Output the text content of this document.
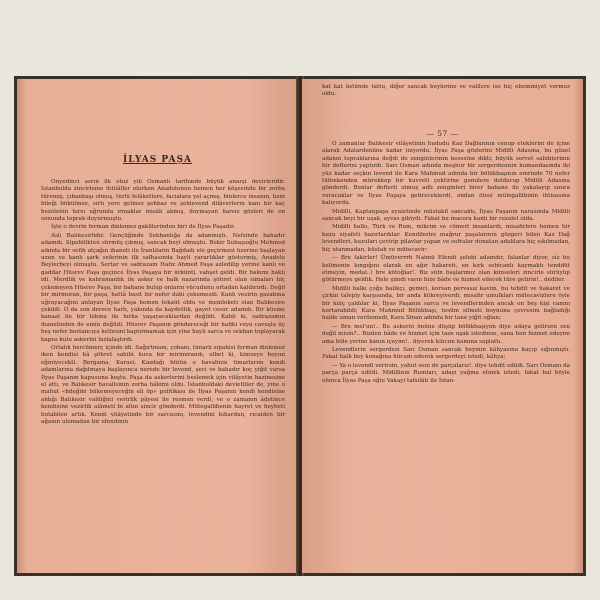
İLYAS PAŞA

Onyedinci asrın ilk otuz yılı Osmanlı tarihinde büyük anarşi devirleridir. İstanbulda zincirleme ihtilâller olurken Anadolunun hemen her köşesinde bir zorba türemiş, çıbanbaşı olmuş, türlü felâketlere, facialara yol açmış, binlerce insanın, hem bileği bükülmez, sırtı yere gelmez şehbaz ve şehlevend dilâverlerin kanı bir kaç hezelenin hırsı uğrunda ırmaklar misâli akmış, doymayan harsız gözleri de en sonunda toprak doyurmuştu.

İşte o devrin ferman dinlemez gaklilerinden biri de İlyas Paşadır.

Aslı Balıkesirlidir. Gençliğinde Sekbanlığa da adanmıştı. Nefsinde bahadır adamdı. Sipahilikten sürmüş çıkmış, sancak beyi olmuştu. Bekir Subaşıoğlu Mehmed adında bir sefih alçağın ihaneti ile İranlılarin Bağdadı ele geçirmesi üzerine başlayan uzun ve kanlı şark seferinin ilk safhasında hayli yararlıklar göstermiş, Anadolu Beylerbeyi olmuştu. Sertar ve sadrazam Hafız Ahmed Paşa azledilip yerine kanlı ve gaddar Hüsrev Paşa geçince İlyas Paşaya bir ürkünti, vahşet geldi. Bir hakımı haklı idi. Merdlik ve kahramanlık ile asker ve halk nazarında şöhret olan simaları hiç çekemeyen Hüsrev Paşa, bir bahane bulup onların vücudunu ortadan kaldırırdı. Değil bir mirimiran, bir paşa, hattâ basit bir nefer dahi çekemezdi. Kanlı vezirin gazabına uğrayacağını anlayan İlyas Paşa hemen tekaüt oldu ve memleketi olan Balıkesire çekildi. O da son derece harlı, yakında da kaydettik, gayet cesur adamdı. Bir küsme kanaat ile bir lokma ile hırka yaşayacaklardan değildi. Kahb ki, sadrazamın ihanetinden de emin değildi. Hüsrev Paşanın göndereceği bir hafiki veya cavuşla üç beş nefer bostancıya kellesini kaptırmamak için yine hayli sarca ve sekban toplayarak kapısı kulu askerini fazlalaştırdı.

Ortalık hercümerç içinde idi. Sağırtmanı, çobanı, timarlı sipahisi ferman dinlemez iken kendisi kâ şöhret sahibi kuva bir mirimirandı, elbet ki, kimseye boyun eğmiyecekti. Bergama, Karasi, Kazdağı bütün o havalinin timarlarını kendi adamlarına dağıtmaya başlayınca nerede bir levend, şeci ve bahadır koç yiğit varsa İlyas Paşanın kapusuna koştu. Paşa da askerlerini beslemek için vilâyetin hazinesine el attı, ve Balıkesir havalisinin zorba hâkimi oldu. İstanbuldaki devletliler de, yine o mahut «bileğini bükemeyeceğin eli öp» politikası ile İlyas Paşanın kendi kendisine aldığı Balıkesir valiliğini verirlik pâyesi ile resmen verdi, ve o zamanın âdetince kendisine vezirlik alâmeti bi altın sincir gönderdi. Mütegallibenin hayret ve heybeti bulabilen artık. Kendi vilâyetinde bir sarcasını, levendini kıbardan, rıcalden bir ağanın ulemadan bir efendinin

kat kat üstünde tattu, diğer sancak beylerine ve valilere ise hiç ehemmiyet vermez oldu.

— 57 —

O zamanlar Balıkesir vilâyetinin hududu Kaz Dağlarının cenup eteklerini de içine alarak Adalardeniine kadar iniyordu. İlyas Paşa gözlerini Midilli Adasına, bu güzel adanın topraklarına değdi de zenginlerinin kesesine dikti; büyük servet sahiblerinin bir defterini yaptırdı. Sarı Osman adında meşhur bir sergerdesinin kumandasında iki yüz kadar seçkin levend ile Kara Mahmud adında bir bölükbaşının emrinde 70 nefer tüfenkenden mürekkep bir kuvveti çektirine gemilere doldurup Midilli Adasına gönderdi. Bunlar defterli olmuş adlı zenginleri birer bahane ile yakalayıp sınıra vuracaklar ve İlyas Paşaya getireceklerdi, ondan ötesi mülegallibinin ihtisasına kalıyordu.

Midilli, Kaptanpaşa eyaletinde müstakil sancaktı, İlyas Paşanın narasında Midilli sancak beyi bir uşak, ayvas gibiydi. Fakat bu macera kanlı bir rezalet oldu.

Midilli halkı, Türk ve Rum, mikrim ve cömert insanlardı, misafirlere hemen bir kuzu ziyafeti hazırlardılar. Kendilerini mağrur paşalarının gözgeri bilen Kaz Dağ levendleri, kuzuları çevirip pilavlar yapan ve sofralar donatan adalılara hiç sıkılmadan, hiç utanmadan, küstah ve mütecavir:

— Bre fakirler! Ümüverrrh Naimü Efendi şelebi adamdır, falanlar diyor, siz bu kelimenin kıngığını olarak en ağır hakareti, en kırk sebicanlı kaymaktı tenddüt etmeyin, medal..) bre kötoğlar!. Biz süin başlarımız olan kimseleri zincirle sürüyüp götürmeye geldik. Hele şimdi varın bize bâde ve hizmet edecek türe getirin!.. dediler.

Midilli halkı çoğu balıkçı, gemici, korsan pervasız kavim, bu tehdit ve hakaret ve çirkin taleply karşısında, bir anda kükreyiverdi, misafir umulkları mütecavizlere öyle bir kılıç çaldılar ki, İlyas Paşanın sarca ve levendlerinden ancak on beş kişi canını kurtarabildi; Kara Mahmud Bölükbaşı, teslim silmeti boynuna çevresini bağladığı halde uman verilemedi, Kara Sinan adında bir tane yiğit oğlan;

— Bre mel'un!.. Bu askerin önüne düşüp bölükbaşıyım diye adaya gelirsen sen değil misin?.. Bizden bâde ve hizmet için taze uşak istedinse, sana ben hizmet edeyim ama böle yerine kanın içeyim!.. diyerek kılıcını kamına saplattı.

Levendlerin sergerdesi Sarı Osman sancak beyinin kâhyasına kaçıp sığınmıştı. Fakat halk bey konağına hücum ederek sergerdeyi istedi, kâhya;

— Ya o levendi verirsin, yahut seni de parçalarız!. diye tehdit edildi. Sarı Osmanı da parça parça edildi. Midillinin Rumları, adayı yağma etmek istedi, fakat hal böyle olunca İlyas Paşa oğlu Vakayi tafsilâtı ile İstan-
